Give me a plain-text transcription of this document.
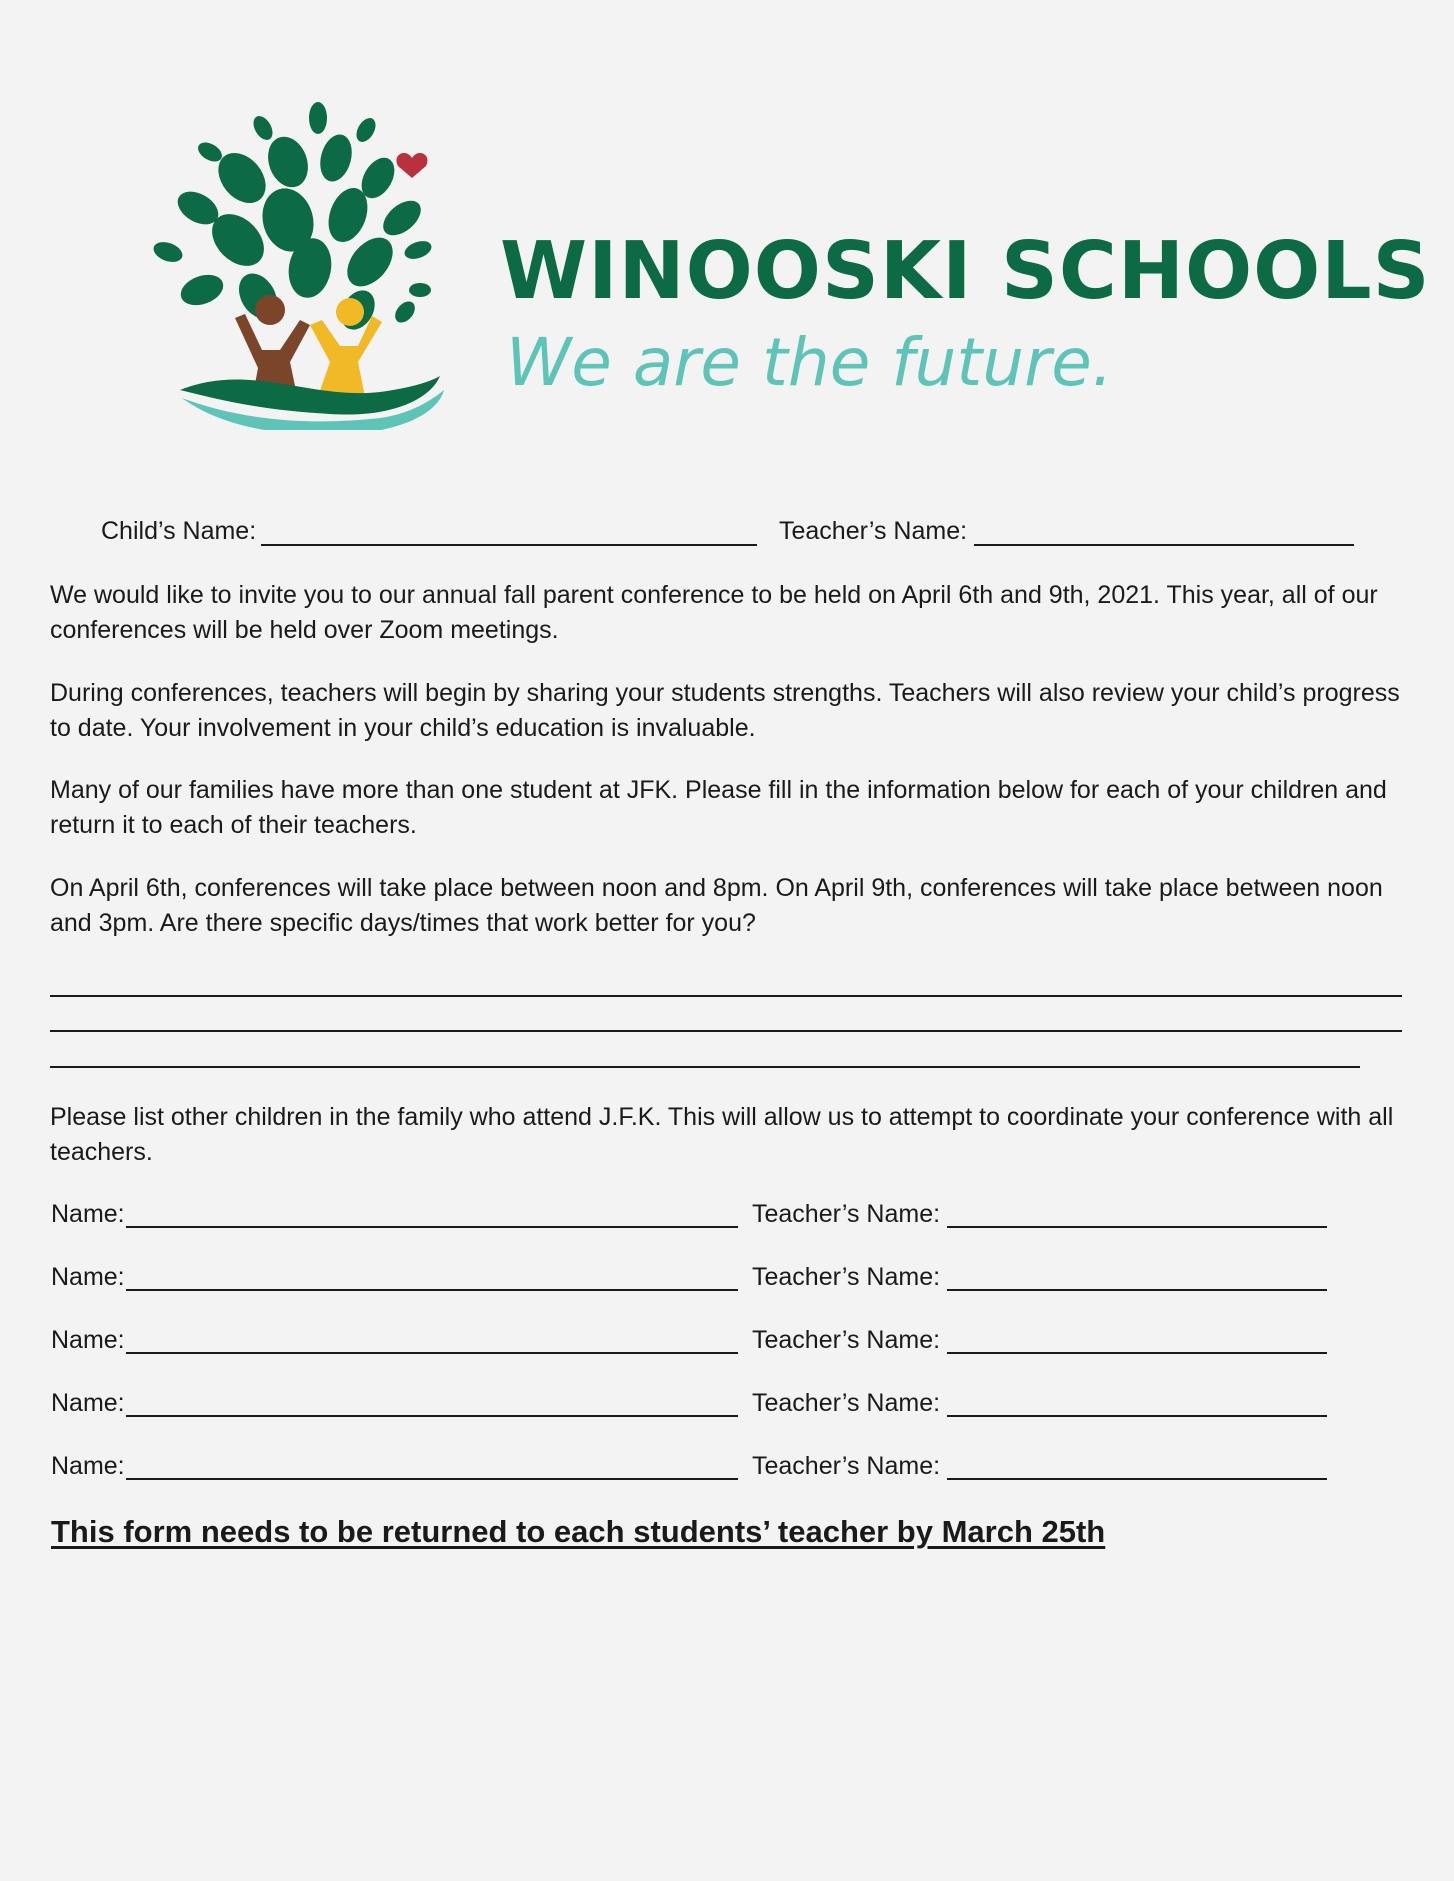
WINOOSKI SCHOOLS
We are the future.
Child’s Name:	Teacher’s Name:
We would like to invite you to our annual fall parent conference to be held on April 6th and 9th, 2021. This year, all of our conferences will be held over Zoom meetings.
During conferences, teachers will begin by sharing your students strengths. Teachers will also review your child’s progress to date. Your involvement in your child’s education is invaluable.
Many of our families have more than one student at JFK. Please fill in the information below for each of your children and return it to each of their teachers.
On April 6th, conferences will take place between noon and 8pm. On April 9th, conferences will take place between noon and 3pm. Are there specific days/times that work better for you?
Please list other children in the family who attend J.F.K. This will allow us to attempt to coordinate your conference with all teachers.
Name:	Teacher’s Name:
Name:	Teacher’s Name:
Name:	Teacher’s Name:
Name:	Teacher’s Name:
Name:	Teacher’s Name:
This form needs to be returned to each students’ teacher by March 25th
